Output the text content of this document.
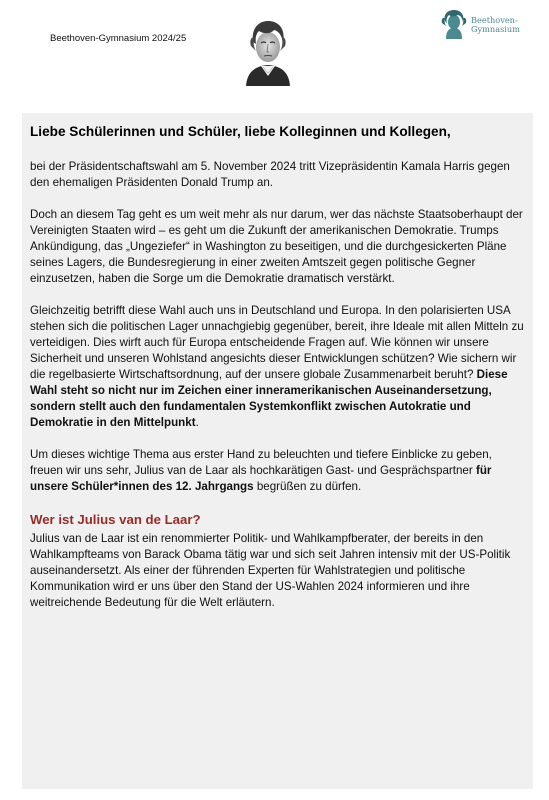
Beethoven-Gymnasium 2024/25
Beethoven-
Gymnasium
Liebe Schülerinnen und Schüler, liebe Kolleginnen und Kollegen,

bei der Präsidentschaftswahl am 5. November 2024 tritt Vizepräsidentin Kamala Harris gegen den ehemaligen Präsidenten Donald Trump an.

Doch an diesem Tag geht es um weit mehr als nur darum, wer das nächste Staatsoberhaupt der Vereinigten Staaten wird – es geht um die Zukunft der amerikanischen Demokratie. Trumps Ankündigung, das „Ungeziefer“ in Washington zu beseitigen, und die durchgesickerten Pläne seines Lagers, die Bundesregierung in einer zweiten Amtszeit gegen politische Gegner einzusetzen, haben die Sorge um die Demokratie dramatisch verstärkt.

Gleichzeitig betrifft diese Wahl auch uns in Deutschland und Europa. In den polarisierten USA stehen sich die politischen Lager unnachgiebig gegenüber, bereit, ihre Ideale mit allen Mitteln zu verteidigen. Dies wirft auch für Europa entscheidende Fragen auf. Wie können wir unsere Sicherheit und unseren Wohlstand angesichts dieser Entwicklungen schützen? Wie sichern wir die regelbasierte Wirtschaftsordnung, auf der unsere globale Zusammenarbeit beruht? Diese Wahl steht so nicht nur im Zeichen einer inneramerikanischen Auseinandersetzung, sondern stellt auch den fundamentalen Systemkonflikt zwischen Autokratie und Demokratie in den Mittelpunkt.

Um dieses wichtige Thema aus erster Hand zu beleuchten und tiefere Einblicke zu geben, freuen wir uns sehr, Julius van de Laar als hochkarätigen Gast- und Gesprächspartner für unsere Schüler*innen des 12. Jahrgangs begrüßen zu dürfen.

Wer ist Julius van de Laar?

Julius van de Laar ist ein renommierter Politik- und Wahlkampfberater, der bereits in den Wahlkampfteams von Barack Obama tätig war und sich seit Jahren intensiv mit der US-Politik auseinandersetzt. Als einer der führenden Experten für Wahlstrategien und politische Kommunikation wird er uns über den Stand der US-Wahlen 2024 informieren und ihre weitreichende Bedeutung für die Welt erläutern.
